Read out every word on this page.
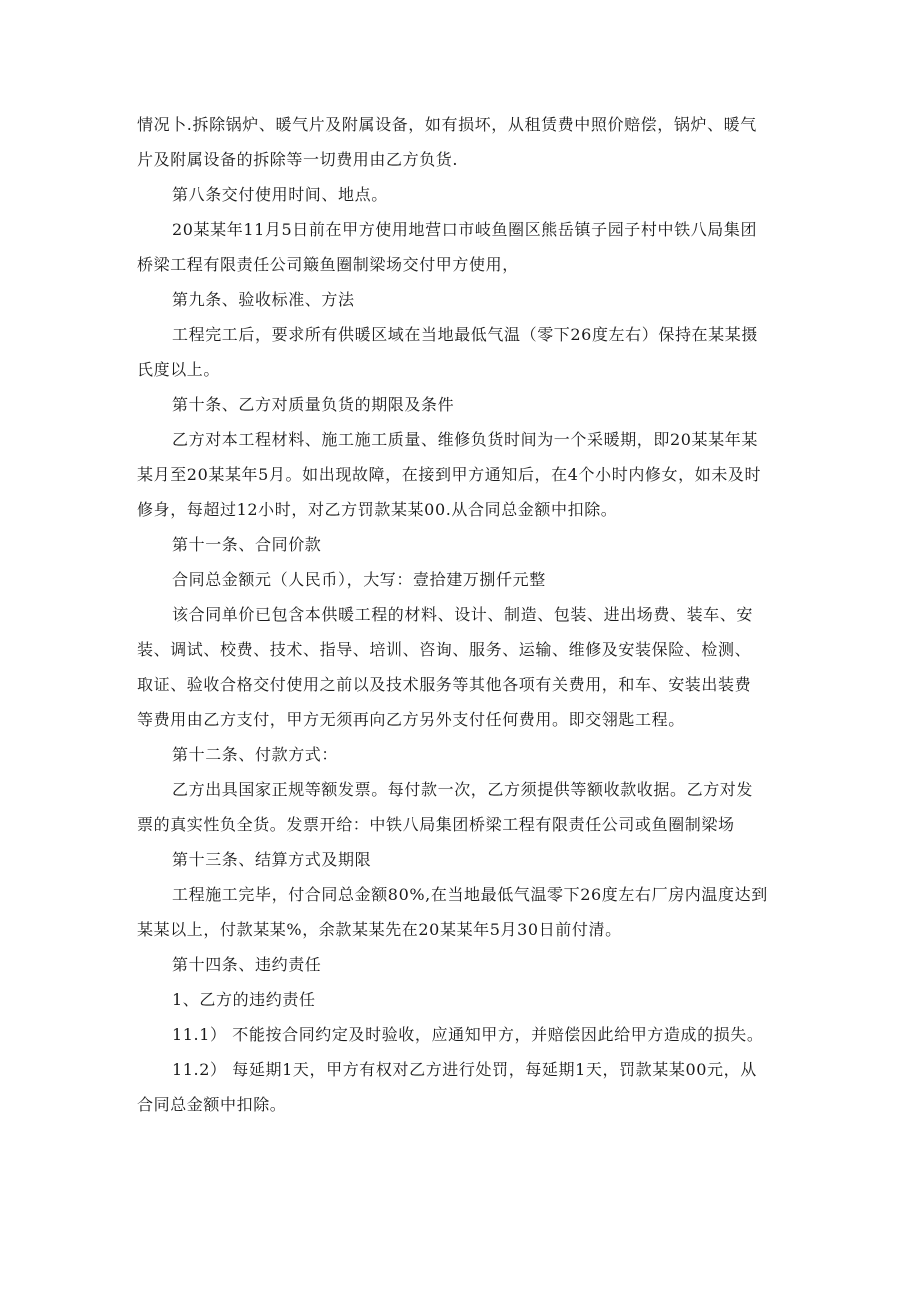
情况卜.拆除锅炉、暖气片及附属设备，如有损坏，从租赁费中照价赔偿，锅炉、暖气
片及附属设备的拆除等一切费用由乙方负货.
第八条交付使用时间、地点。
20某某年11月5日前在甲方使用地营口市岐鱼圈区熊岳镇子园子村中铁八局集团
桥梁工程有限责任公司簸鱼圈制梁场交付甲方使用，
第九条、验收标准、方法
工程完工后，要求所有供暖区域在当地最低气温（零下26度左右）保持在某某摄
氏度以上。
第十条、乙方对质量负货的期限及条件
乙方对本工程材料、施工施工质量、维修负货时间为一个采暖期，即20某某年某
某月至20某某年5月。如出现故障，在接到甲方通知后，在4个小时内修女，如未及时
修身，每超过12小时，对乙方罚款某某00.从合同总金额中扣除。
第十一条、合同价款
合同总金额元（人民币），大写：壹拾建万捌仟元整
该合同单价已包含本供暖工程的材料、设计、制造、包装、进出场费、装车、安
装、调试、校费、技术、指导、培训、咨询、服务、运输、维修及安装保险、检测、
取证、验收合格交付使用之前以及技术服务等其他各项有关费用，和车、安装出装费
等费用由乙方支付，甲方无须再向乙方另外支付任何费用。即交翎匙工程。
第十二条、付款方式：
乙方出具国家正规等额发票。每付款一次，乙方须提供等额收款收据。乙方对发
票的真实性负全货。发票开给：中铁八局集团桥梁工程有限责任公司或鱼圈制梁场
第十三条、结算方式及期限
工程施工完毕，付合同总金额80%,在当地最低气温零下26度左右厂房内温度达到
某某以上，付款某某%，余款某某先在20某某年5月30日前付清。
第十四条、违约责任
1、乙方的违约责任
11.1） 不能按合同约定及时验收，应通知甲方，并赔偿因此给甲方造成的损失。
11.2） 每延期1天，甲方有权对乙方进行处罚，每延期1天，罚款某某00元，从
合同总金额中扣除。
